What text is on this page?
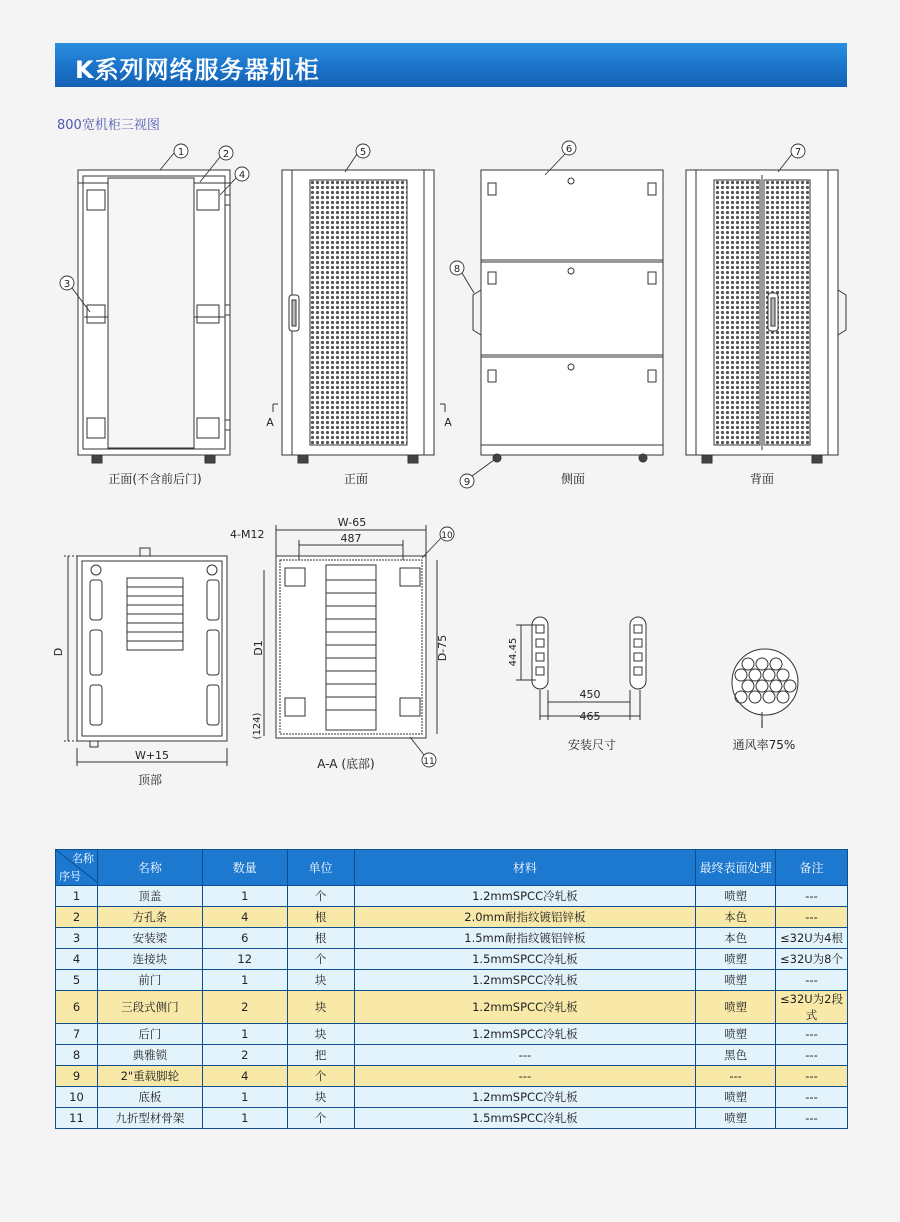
K系列网络服务器机柜
800宽机柜三视图
1	2
3
4
5	6	7
8
9
10
11
A	A
正面(不含前后门)	正面	侧面	背面
顶部
A-A (底部)
安装尺寸	通风率75%
D
W+15
4-M12
W-65
487
D1	D-75
(124)
44.45
450
465
I
名称
序号	名称	数量	单位	材料	最终表面处理	备注
1	顶盖	1	个	1.2mmSPCC冷轧板	喷塑	---
2	方孔条	4	根	2.0mm耐指纹镀铝锌板	本色	---
3	安装梁	6	根	1.5mm耐指纹镀铝锌板	本色	≤32U为4根
4	连接块	12	个	1.5mmSPCC冷轧板	喷塑	≤32U为8个
5	前门	1	块	1.2mmSPCC冷轧板	喷塑	---
6	三段式侧门	2	块	1.2mmSPCC冷轧板	喷塑	≤32U为2段式
7	后门	1	块	1.2mmSPCC冷轧板	喷塑	---
8	典雅锁	2	把	---	黑色	---
9	2"重载脚轮	4	个	---	---	---
10	底板	1	块	1.2mmSPCC冷轧板	喷塑	---
11	九折型材骨架	1	个	1.5mmSPCC冷轧板	喷塑	---
